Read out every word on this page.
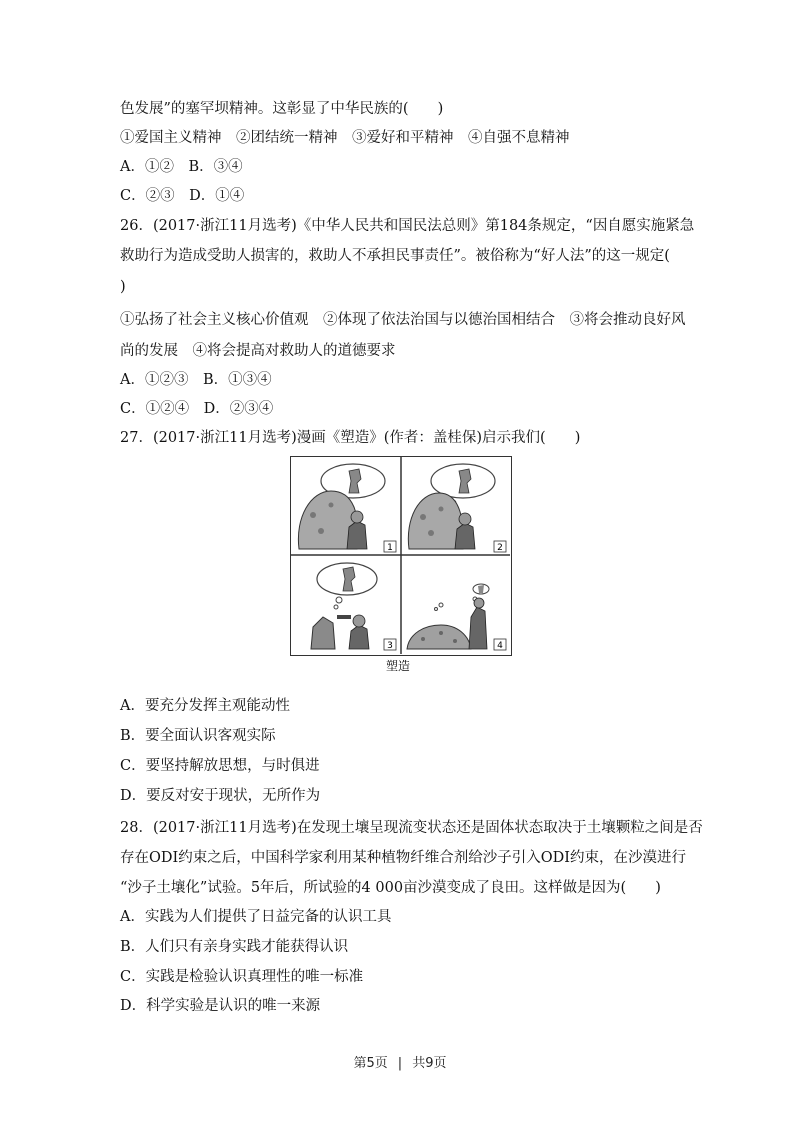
色发展”的塞罕坝精神。这彰显了中华民族的(　　)
①爱国主义精神　②团结统一精神　③爱好和平精神　④自强不息精神
A．①②　B．③④
C．②③　D．①④
26．(2017·浙江11月选考)《中华人民共和国民法总则》第184条规定，“因自愿实施紧急
救助行为造成受助人损害的，救助人不承担民事责任”。被俗称为“好人法”的这一规定(
)
①弘扬了社会主义核心价值观　②体现了依法治国与以德治国相结合　③将会推动良好风
尚的发展　④将会提高对救助人的道德要求
A．①②③　B．①③④
C．①②④　D．②③④
27．(2017·浙江11月选考)漫画《塑造》(作者：盖桂保)启示我们(　　)
1	2
3	4
塑造
A．要充分发挥主观能动性
B．要全面认识客观实际
C．要坚持解放思想，与时俱进
D．要反对安于现状，无所作为
28．(2017·浙江11月选考)在发现土壤呈现流变状态还是固体状态取决于土壤颗粒之间是否
存在ODI约束之后，中国科学家利用某种植物纤维合剂给沙子引入ODI约束，在沙漠进行
“沙子土壤化”试验。5年后，所试验的4 000亩沙漠变成了良田。这样做是因为(　　)
A．实践为人们提供了日益完备的认识工具
B．人们只有亲身实践才能获得认识
C．实践是检验认识真理性的唯一标准
D．科学实验是认识的唯一来源
第5页 | 共9页
